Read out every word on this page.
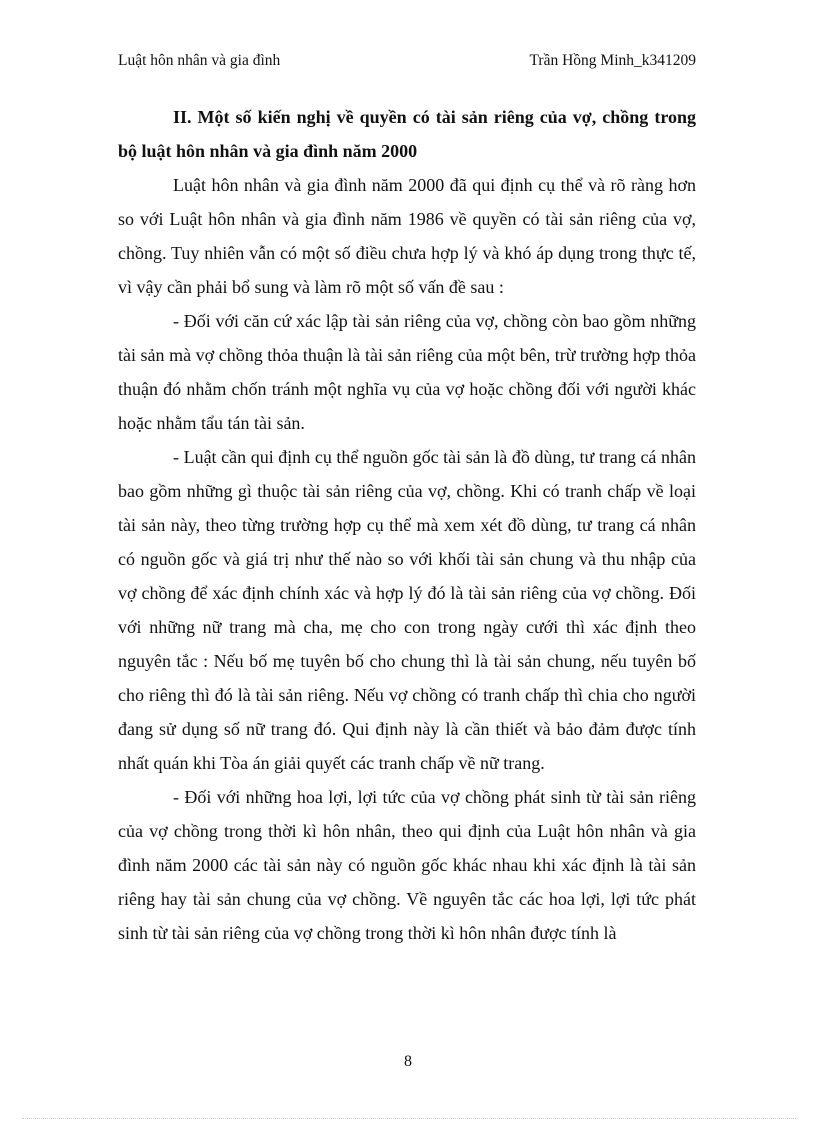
Luật hôn nhân và gia đình	Trần Hồng Minh_k341209

II. Một số kiến nghị về quyền có tài sản riêng của vợ, chồng trong bộ luật hôn nhân và gia đình năm 2000

Luật hôn nhân và gia đình năm 2000 đã qui định cụ thể và rõ ràng hơn so với Luật hôn nhân và gia đình năm 1986 về quyền có tài sản riêng của vợ, chồng. Tuy nhiên vẫn có một số điều chưa hợp lý và khó áp dụng trong thực tế, vì vậy cần phải bổ sung và làm rõ một số vấn đề sau :

- Đối với căn cứ xác lập tài sản riêng của vợ, chồng còn bao gồm những tài sản mà vợ chồng thỏa thuận là tài sản riêng của một bên, trừ trường hợp thỏa thuận đó nhằm chốn tránh một nghĩa vụ của vợ hoặc chồng đối với người khác hoặc nhằm tẩu tán tài sản.

- Luật cần qui định cụ thể nguồn gốc tài sản là đồ dùng, tư trang cá nhân bao gồm những gì thuộc tài sản riêng của vợ, chồng. Khi có tranh chấp về loại tài sản này, theo từng trường hợp cụ thể mà xem xét đồ dùng, tư trang cá nhân có nguồn gốc và giá trị như thế nào so với khối tài sản chung và thu nhập của vợ chồng để xác định chính xác và hợp lý đó là tài sản riêng của vợ chồng. Đối với những nữ trang mà cha, mẹ cho con trong ngày cưới thì xác định theo nguyên tắc : Nếu bố mẹ tuyên bố cho chung thì là tài sản chung, nếu tuyên bố cho riêng thì đó là tài sản riêng. Nếu vợ chồng có tranh chấp thì chia cho người đang sử dụng số nữ trang đó. Qui định này là cần thiết và bảo đảm được tính nhất quán khi Tòa án giải quyết các tranh chấp về nữ trang.

- Đối với những hoa lợi, lợi tức của vợ chồng phát sinh từ tài sản riêng của vợ chồng trong thời kì hôn nhân, theo qui định của Luật hôn nhân và gia đình năm 2000 các tài sản này có nguồn gốc khác nhau khi xác định là tài sản riêng hay tài sản chung của vợ chồng. Về nguyên tắc các hoa lợi, lợi tức phát sinh từ tài sản riêng của vợ chồng trong thời kì hôn nhân được tính là

8
